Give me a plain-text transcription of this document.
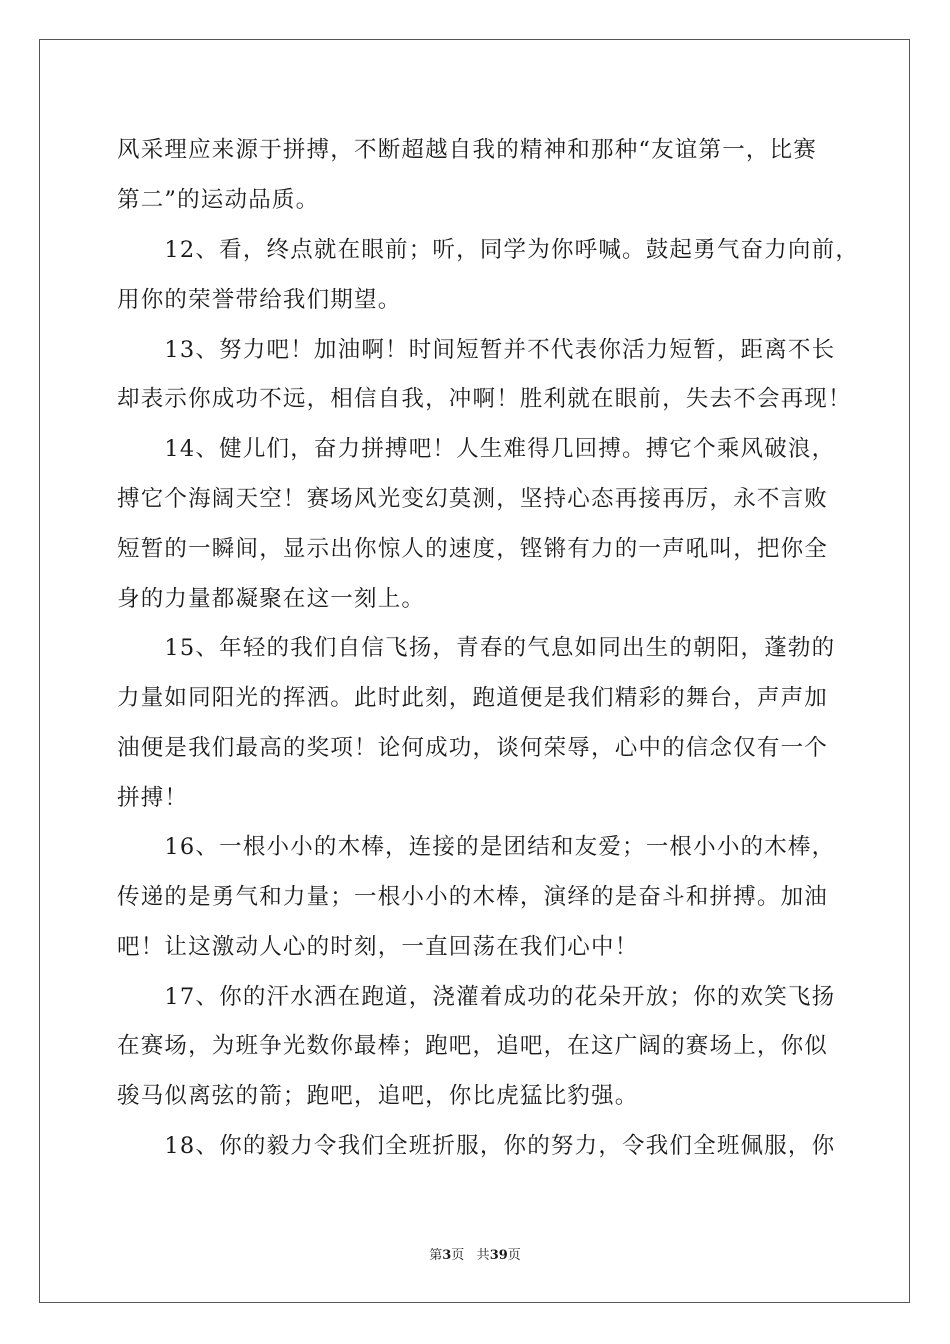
风采理应来源于拼搏，不断超越自我的精神和那种“友谊第一，比赛
第二”的运动品质。
　　12、看，终点就在眼前；听，同学为你呼喊。鼓起勇气奋力向前，
用你的荣誉带给我们期望。
　　13、努力吧！加油啊！时间短暂并不代表你活力短暂，距离不长
却表示你成功不远，相信自我，冲啊！胜利就在眼前，失去不会再现！
　　14、健儿们，奋力拼搏吧！人生难得几回搏。搏它个乘风破浪，
搏它个海阔天空！赛场风光变幻莫测，坚持心态再接再厉，永不言败
短暂的一瞬间，显示出你惊人的速度，铿锵有力的一声吼叫，把你全
身的力量都凝聚在这一刻上。
　　15、年轻的我们自信飞扬，青春的气息如同出生的朝阳，蓬勃的
力量如同阳光的挥洒。此时此刻，跑道便是我们精彩的舞台，声声加
油便是我们最高的奖项！论何成功，谈何荣辱，心中的信念仅有一个
拼搏！
　　16、一根小小的木棒，连接的是团结和友爱；一根小小的木棒，
传递的是勇气和力量；一根小小的木棒，演绎的是奋斗和拼搏。加油
吧！让这激动人心的时刻，一直回荡在我们心中！
　　17、你的汗水洒在跑道，浇灌着成功的花朵开放；你的欢笑飞扬
在赛场，为班争光数你最棒；跑吧，追吧，在这广阔的赛场上，你似
骏马似离弦的箭；跑吧，追吧，你比虎猛比豹强。
　　18、你的毅力令我们全班折服，你的努力，令我们全班佩服，你
第3页 共39页
